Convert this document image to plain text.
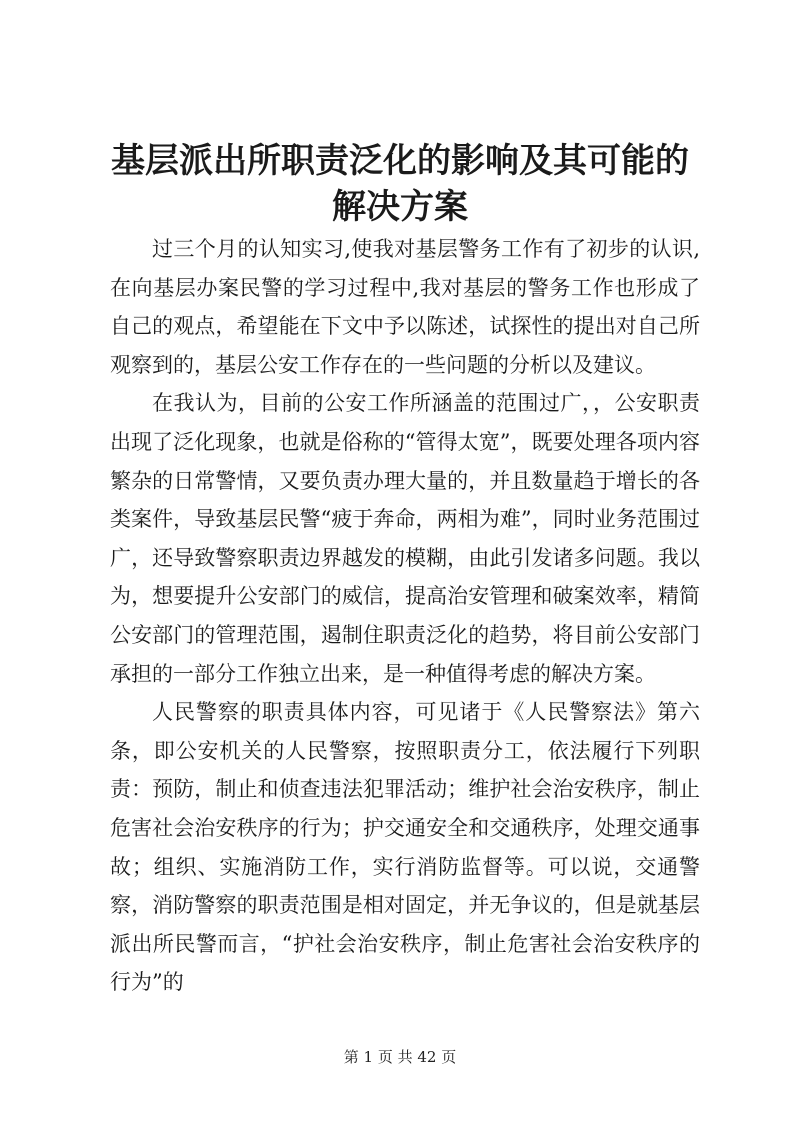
基层派出所职责泛化的影响及其可能的解决方案

过三个月的认知实习,使我对基层警务工作有了初步的认识,在向基层办案民警的学习过程中,我对基层的警务工作也形成了自己的观点，希望能在下文中予以陈述，试探性的提出对自己所观察到的，基层公安工作存在的一些问题的分析以及建议。

在我认为，目前的公安工作所涵盖的范围过广，，公安职责出现了泛化现象，也就是俗称的“管得太宽”，既要处理各项内容繁杂的日常警情，又要负责办理大量的，并且数量趋于增长的各类案件，导致基层民警“疲于奔命，两相为难”，同时业务范围过广，还导致警察职责边界越发的模糊，由此引发诸多问题。我以为，想要提升公安部门的威信，提高治安管理和破案效率，精简公安部门的管理范围，遏制住职责泛化的趋势，将目前公安部门承担的一部分工作独立出来，是一种值得考虑的解决方案。

人民警察的职责具体内容，可见诸于《人民警察法》第六条，即公安机关的人民警察，按照职责分工，依法履行下列职责：预防，制止和侦查违法犯罪活动；维护社会治安秩序，制止危害社会治安秩序的行为；护交通安全和交通秩序，处理交通事故；组织、实施消防工作，实行消防监督等。可以说，交通警察，消防警察的职责范围是相对固定，并无争议的，但是就基层派出所民警而言，“护社会治安秩序，制止危害社会治安秩序的行为”的

第 1 页 共 42 页
